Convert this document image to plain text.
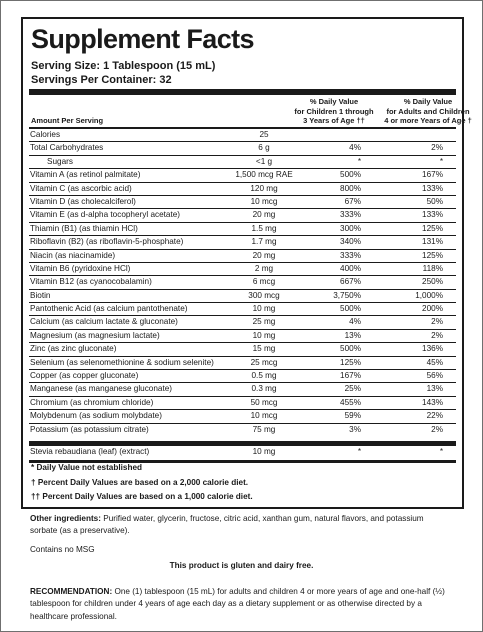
Supplement Facts
Serving Size: 1 Tablespoon (15 mL)
Servings Per Container: 32
Amount Per Serving
% Daily Value
for Children 1 through
3 Years of Age ††
% Daily Value
for Adults and Children
4 or more Years of Age †
Calories	25
Total Carbohydrates	6 g	4%	2%
Sugars	<1 g	*	*
Vitamin A (as retinol palmitate)	1,500 mcg RAE	500%	167%
Vitamin C (as ascorbic acid)	120 mg	800%	133%
Vitamin D (as cholecalciferol)	10 mcg	67%	50%
Vitamin E (as d-alpha tocopheryl acetate)	20 mg	333%	133%
Thiamin (B1) (as thiamin HCl)	1.5 mg	300%	125%
Riboflavin (B2) (as riboflavin-5-phosphate)	1.7 mg	340%	131%
Niacin (as niacinamide)	20 mg	333%	125%
Vitamin B6 (pyridoxine HCl)	2 mg	400%	118%
Vitamin B12 (as cyanocobalamin)	6 mcg	667%	250%
Biotin	300 mcg	3,750%	1,000%
Pantothenic Acid (as calcium pantothenate)	10 mg	500%	200%
Calcium (as calcium lactate & gluconate)	25 mg	4%	2%
Magnesium (as magnesium lactate)	10 mg	13%	2%
Zinc (as zinc gluconate)	15 mg	500%	136%
Selenium (as selenomethionine & sodium selenite)	25 mcg	125%	45%
Copper (as copper gluconate)	0.5 mg	167%	56%
Manganese (as manganese gluconate)	0.3 mg	25%	13%
Chromium (as chromium chloride)	50 mcg	455%	143%
Molybdenum (as sodium molybdate)	10 mcg	59%	22%
Potassium (as potassium citrate)	75 mg	3%	2%
Stevia rebaudiana (leaf) (extract)	10 mg	*	*
* Daily Value not established
† Percent Daily Values are based on a 2,000 calorie diet.
†† Percent Daily Values are based on a 1,000 calorie diet.
Other ingredients: Purified water, glycerin, fructose, citric acid, xanthan gum, natural flavors, and potassium sorbate (as a preservative).
Contains no MSG
This product is gluten and dairy free.
RECOMMENDATION: One (1) tablespoon (15 mL) for adults and children 4 or more years of age and one-half (½) tablespoon for children under 4 years of age each day as a dietary supplement or as otherwise directed by a healthcare professional.
